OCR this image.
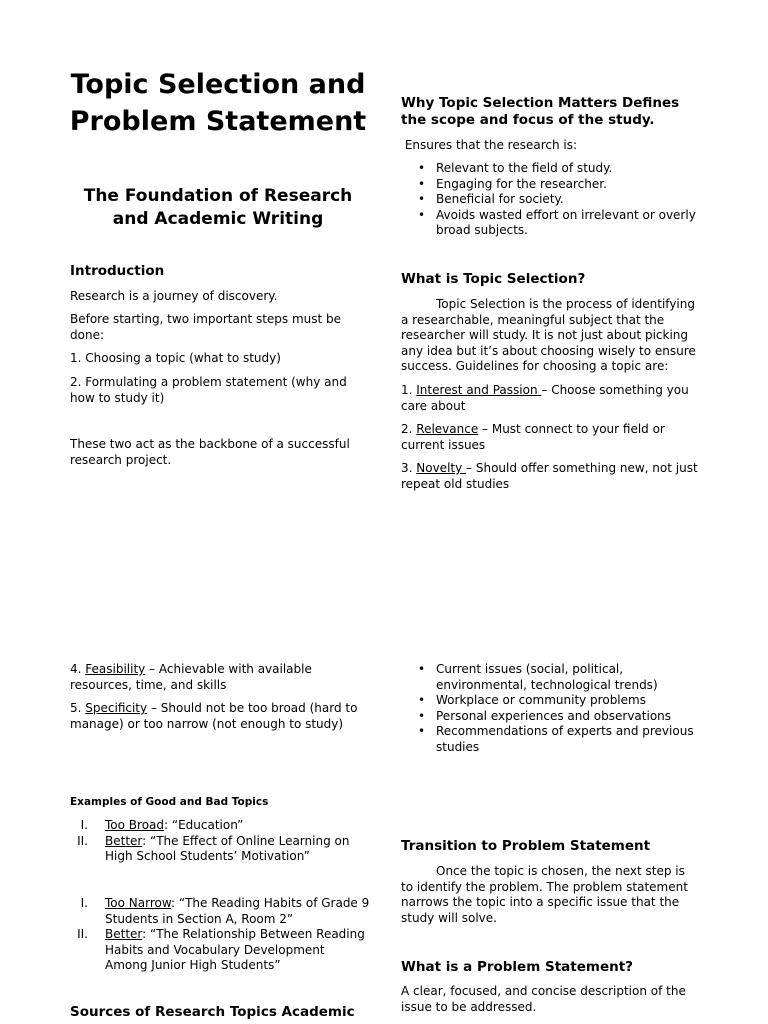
Topic Selection and Problem Statement
The Foundation of Research and Academic Writing
Introduction

Research is a journey of discovery.

Before starting, two important steps must be done:

1. Choosing a topic (what to study)

2. Formulating a problem statement (why and how to study it)

These two act as the backbone of a successful research project.

4. Feasibility – Achievable with available resources, time, and skills

5. Specificity – Should not be too broad (hard to manage) or too narrow (not enough to study)

Examples of Good and Bad Topics
I. Too Broad: “Education”
II. Better: “The Effect of Online Learning on High School Students’ Motivation”
I. Too Narrow: “The Reading Habits of Grade 9 Students in Section A, Room 2”
II. Better: “The Relationship Between Reading Habits and Vocabulary Development Among Junior High Students”
Sources of Research Topics Academic
Why Topic Selection Matters Defines the scope and focus of the study.

Ensures that the research is:

• Relevant to the field of study.
• Engaging for the researcher.
• Beneficial for society.
• Avoids wasted effort on irrelevant or overly broad subjects.
What is Topic Selection?

Topic Selection is the process of identifying a researchable, meaningful subject that the researcher will study. It is not just about picking any idea but it’s about choosing wisely to ensure success. Guidelines for choosing a topic are:

1. Interest and Passion – Choose something you care about

2. Relevance – Must connect to your field or current issues

3. Novelty – Should offer something new, not just repeat old studies

• Current issues (social, political, environmental, technological trends)
• Workplace or community problems
• Personal experiences and observations
• Recommendations of experts and previous studies
Transition to Problem Statement

Once the topic is chosen, the next step is to identify the problem. The problem statement narrows the topic into a specific issue that the study will solve.

What is a Problem Statement?

A clear, focused, and concise description of the issue to be addressed.
